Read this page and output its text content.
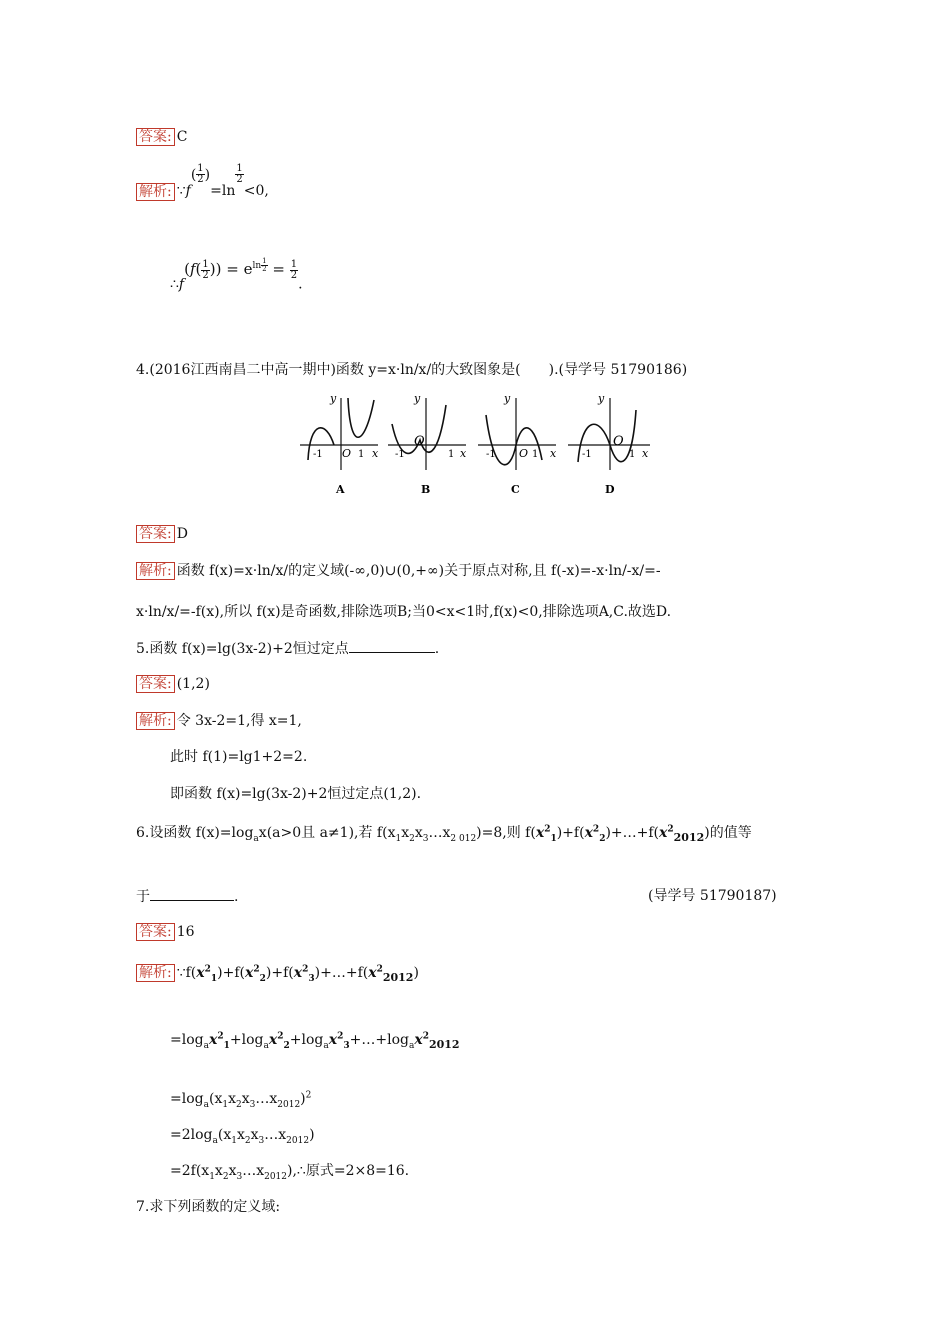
答案: C
解析: ∵f( $\frac{1}{2} )=\ln$
$\frac{1}{2}$
<0,
∴f(f( $\frac{1}{2}$ )) = $e^{ln \frac{1}{2}} = \frac{1}{2}$
.
4.(2016江西南昌二中高一期中)函数 y=x·ln/x/的大致图象是(　　).(导学号 51790186)
y
-1 O 1 x
A
y
-1
O
1 x
B
y
-1 O 1 x
C
y
-1
O
1 x
D
答案: D
解析: 函数 f(x)=x·ln/x/的定义域(-∞,0)∪(0,+∞)关于原点对称,且 f(-x)=-x·ln/-x/=-
x·ln/x/=-f(x),所以 f(x)是奇函数,排除选项B;当0<x<1时,f(x)<0,排除选项A,C.故选D.
5.函数 f(x)=lg(3x-2)+2恒过定点	.
答案: (1,2)
解析: 令 3x-2=1,得 x=1,
此时 f(1)=lg1+2=2.
即函数 f(x)=lg(3x-2)+2恒过定点(1,2).
6.设函数 $f(x)=\log_ax(a>0$且 a≠1),若 $f(x_1x_2x_3\dots x_{2 012})=8$,则 $f(x^2_1)+f(x^2_2)+\dots+f(x^2_{2012})$的值等
于	.	(导学号 51790187)
答案: 16
解析: $\because f(x^2_1)+f(x^2_2)+f(x^2_3)+\dots+f(x^2_{2012})$
$=\log_ax^2_1+\log_ax^2_2+\log_ax^2_3+\dots+\log_ax^2_{2012}$
$=\log_a(x_1x_2x_3\dots x_{2012})^2$
$=2\log_a(x_1x_2x_3\dots x_{2012})$
$=2f(x_1x_2x_3\dots x_{2012}),\therefore$原式=2×8=16.
7.求下列函数的定义域:
